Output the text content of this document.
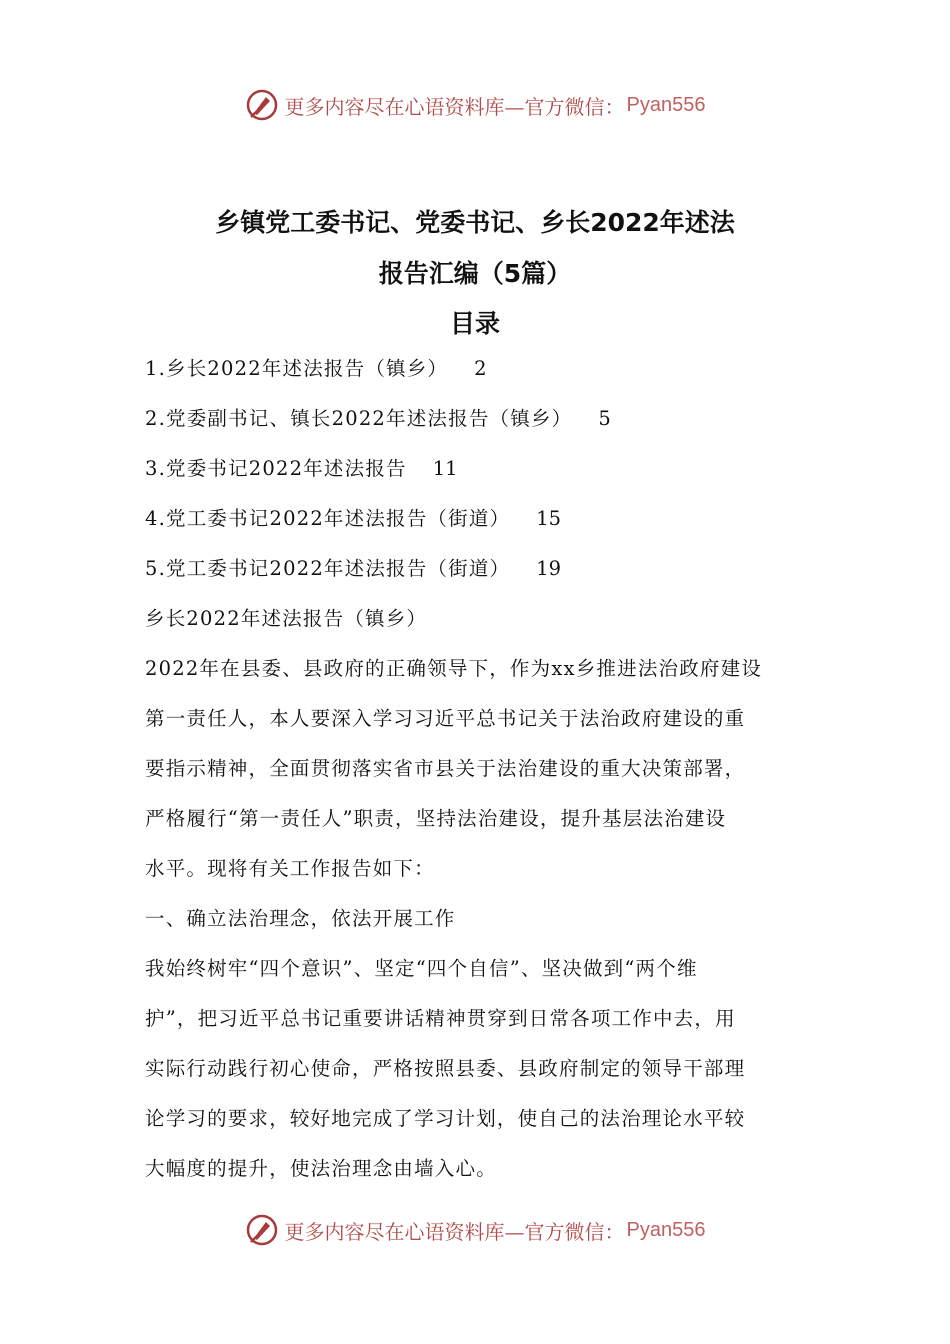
更多内容尽在心语资料库—官方微信： Pyan556
乡镇党工委书记、党委书记、乡长2022年述法
报告汇编（5篇）
目录
1.乡长2022年述法报告（镇乡） 2
2.党委副书记、镇长2022年述法报告（镇乡） 5
3.党委书记2022年述法报告 11
4.党工委书记2022年述法报告（街道） 15
5.党工委书记2022年述法报告（街道） 19
乡长2022年述法报告（镇乡）
2022年在县委、县政府的正确领导下，作为xx乡推进法治政府建设
第一责任人，本人要深入学习习近平总书记关于法治政府建设的重
要指示精神，全面贯彻落实省市县关于法治建设的重大决策部署，
严格履行“第一责任人”职责，坚持法治建设，提升基层法治建设
水平。现将有关工作报告如下：
一、确立法治理念，依法开展工作
我始终树牢“四个意识”、坚定“四个自信”、坚决做到“两个维
护”，把习近平总书记重要讲话精神贯穿到日常各项工作中去，用
实际行动践行初心使命，严格按照县委、县政府制定的领导干部理
论学习的要求，较好地完成了学习计划，使自己的法治理论水平较
大幅度的提升，使法治理念由墙入心。
更多内容尽在心语资料库—官方微信： Pyan556
